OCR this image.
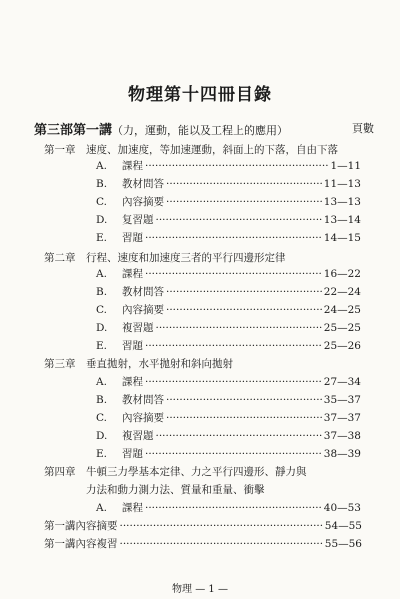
物理第十四冊目錄
第三部第一講（力，運動，能以及工程上的應用）	頁數
第一章 速度、加速度，等加速運動，斜面上的下落，自由下落
A.	課程 ·····	1—11
B.	教材問答 ·····	11—13
C.	內容摘要 ·····	13—13
D.	复習題 ·····	13—14
E.	習題 ·····	14—15
第二章 行程、速度和加速度三者的平行四邊形定律
A.	課程 ·····	16—22
B.	教材問答 ·····	22—24
C.	內容摘要 ·····	24—25
D.	複習題 ·····	25—25
E.	習題 ·····	25—26
第三章 垂直拋射，水平拋射和斜向拋射
A.	課程 ·····	27—34
B.	教材問答 ·····	35—37
C.	內容摘要 ·····	37—37
D.	複習題 ·····	37—38
E.	習題 ·····	38—39
第四章 牛頓三力學基本定律、力之平行四邊形、靜力與
力法和動力測力法、質量和重量、衝擊
A.	課程 ·····	40—53
第一講內容摘要 ·····	54—55
第一講內容複習 ·····	55—56
物理 — 1 —
